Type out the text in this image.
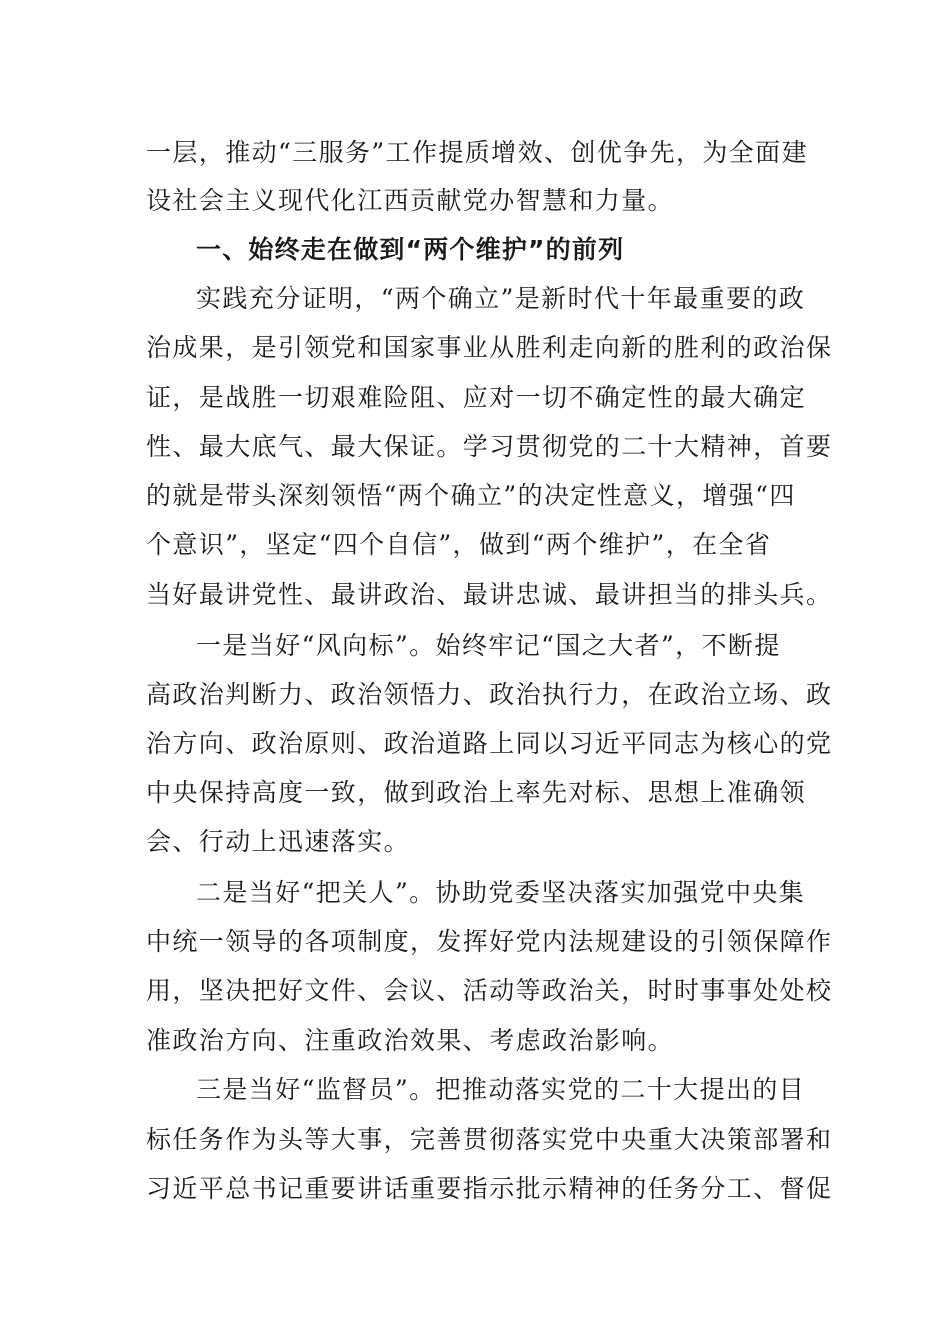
一层，推动“三服务”工作提质增效、创优争先，为全面建
设社会主义现代化江西贡献党办智慧和力量。
一、始终走在做到“两个维护”的前列
实践充分证明，“两个确立”是新时代十年最重要的政
治成果，是引领党和国家事业从胜利走向新的胜利的政治保
证，是战胜一切艰难险阻、应对一切不确定性的最大确定
性、最大底气、最大保证。学习贯彻党的二十大精神，首要
的就是带头深刻领悟“两个确立”的决定性意义，增强“四
个意识”，坚定“四个自信”，做到“两个维护”，在全省
当好最讲党性、最讲政治、最讲忠诚、最讲担当的排头兵。
一是当好“风向标”。始终牢记“国之大者”，不断提
高政治判断力、政治领悟力、政治执行力，在政治立场、政
治方向、政治原则、政治道路上同以习近平同志为核心的党
中央保持高度一致，做到政治上率先对标、思想上准确领
会、行动上迅速落实。
二是当好“把关人”。协助党委坚决落实加强党中央集
中统一领导的各项制度，发挥好党内法规建设的引领保障作
用，坚决把好文件、会议、活动等政治关，时时事事处处校
准政治方向、注重政治效果、考虑政治影响。
三是当好“监督员”。把推动落实党的二十大提出的目
标任务作为头等大事，完善贯彻落实党中央重大决策部署和
习近平总书记重要讲话重要指示批示精神的任务分工、督促
